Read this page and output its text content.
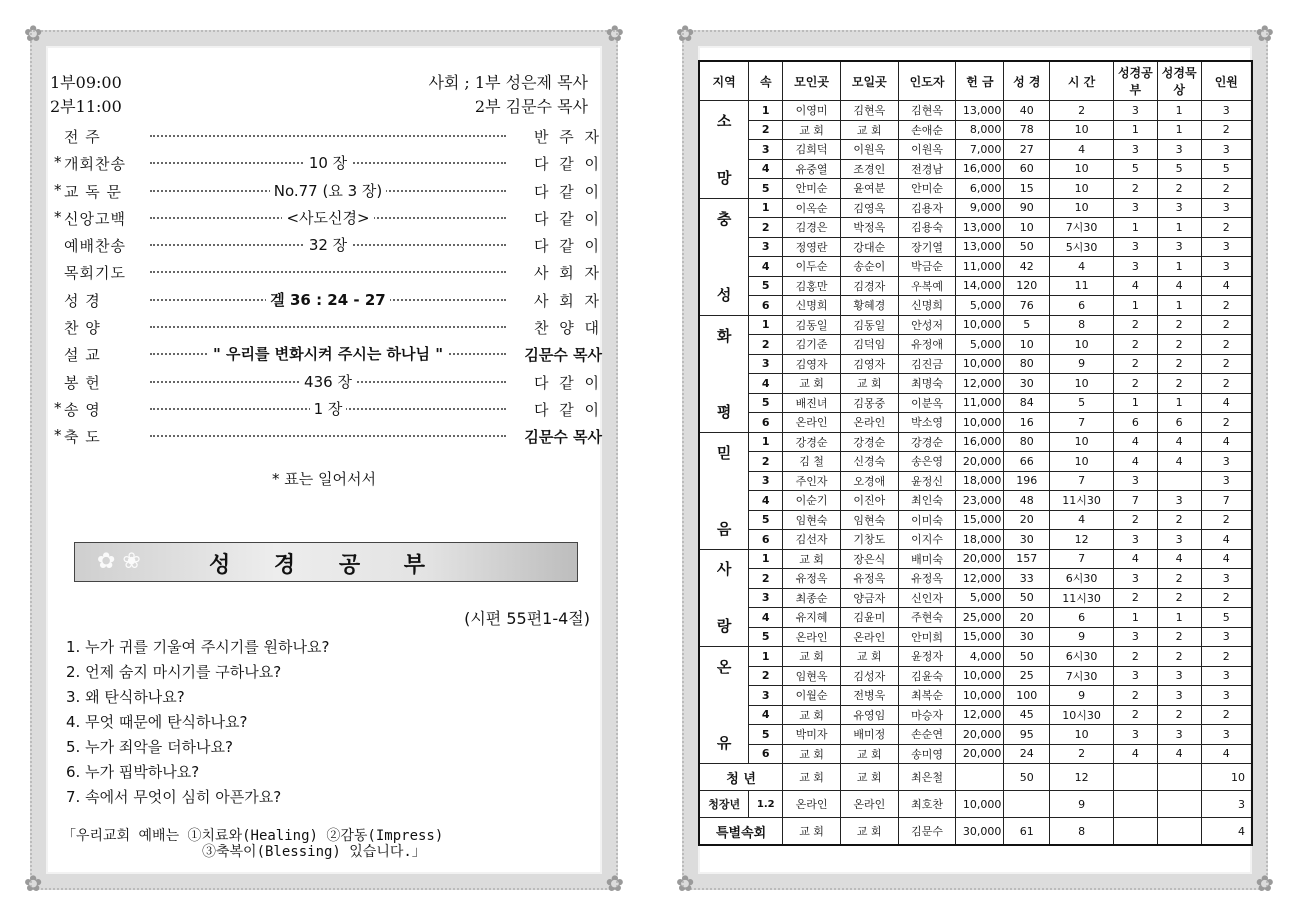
✿	✿
✿	✿
1부09:00
2부11:00
사회 ; 1부 성은제 목사
2부 김문수 목사
전 주	반 주 자
* 개회찬송	10 장	다 같 이
* 교 독 문	No.77 (요 3 장)	다 같 이
* 신앙고백	<사도신경>	다 같 이
예배찬송	32 장	다 같 이
목회기도	사 회 자
성 경	겔 36 : 24 - 27	사 회 자
찬 양	찬 양 대
설 교	" 우리를 변화시켜 주시는 하나님 "	김문수 목사
봉 헌	436 장	다 같 이
* 송 영	1 장	다 같 이
* 축 도	김문수 목사
* 표는 일어서서
✿ ❀	성 경 공 부
(시편 55편1-4절)
1. 누가 귀를 기울여 주시기를 원하나요?
2. 언제 숨지 마시기를 구하나요?
3. 왜 탄식하나요?
4. 무엇 때문에 탄식하나요?
5. 누가 죄악을 더하나요?
6. 누가 핍박하나요?
7. 속에서 무엇이 심히 아픈가요?
「우리교회 예배는 ①치료와(Healing) ②감동(Impress)
③축복이(Blessing) 있습니다.」
✿	✿
✿	✿
지역	속	모인곳	모일곳	인도자	헌 금	성 경	시 간	성경공부	성경묵상	인원

소
망	1	이영미	김현옥	김현옥	13,000	40	2	3	1	3
	2	교 회	교 회	손애순	8,000	78	10	1	1	2
	3	김희덕	이원옥	이원옥	7,000	27	4	3	3	3
	4	유중열	조경인	전경남	16,000	60	10	5	5	5
	5	안미순	윤여분	안미순	6,000	15	10	2	2	2

충
성	1	이옥순	김영옥	김용자	9,000	90	10	3	3	3
	2	김경은	박정옥	김용숙	13,000	10	7시30	1	1	2
	3	정영란	강대순	장기열	13,000	50	5시30	3	3	3
	4	이두순	송순이	박금순	11,000	42	4	3	1	3
	5	김홍만	김경자	우복예	14,000	120	11	4	4	4
	6	신명희	황혜경	신명희	5,000	76	6	1	1	2

화
평	1	김동일	김동일	안성저	10,000	5	8	2	2	2
	2	김기준	김덕임	유정애	5,000	10	10	2	2	2
	3	김영자	김영자	김진금	10,000	80	9	2	2	2
	4	교 회	교 회	최명숙	12,000	30	10	2	2	2
	5	배진녀	김몽중	이분옥	11,000	84	5	1	1	4
	6	온라인	온라인	박소영	10,000	16	7	6	6	2

믿
음	1	강경순	강경순	강경순	16,000	80	10	4	4	4
	2	김 철	신경숙	송은영	20,000	66	10	4	4	3
	3	주인자	오경애	윤정신	18,000	196	7	3		3
	4	이순기	이진아	최인숙	23,000	48	11시30	7	3	7
	5	임현숙	임현숙	이미숙	15,000	20	4	2	2	2
	6	김선자	기창도	이지수	18,000	30	12	3	3	4

사
랑	1	교 회	장은식	배미숙	20,000	157	7	4	4	4
	2	유정옥	유정옥	유정옥	12,000	33	6시30	3	2	3
	3	최종순	양금자	신인자	5,000	50	11시30	2	2	2
	4	유지혜	김윤미	주현숙	25,000	20	6	1	1	5
	5	온라인	온라인	안미희	15,000	30	9	3	2	3

온
유	1	교 회	교 회	윤정자	4,000	50	6시30	2	2	2
	2	임현옥	김성자	김윤숙	10,000	25	7시30	3	3	3
	3	이월순	전병욱	최복순	10,000	100	9	2	3	3
	4	교 회	유영임	마승자	12,000	45	10시30	2	2	2
	5	박미자	배미정	손순연	20,000	95	10	3	3	3
	6	교 회	교 회	송미영	20,000	24	2	4	4	4
청 년		교 회	교 회	최은철		50	12			10
청장년	1.2	온라인	온라인	최호찬	10,000		9			3
특별속회		교 회	교 회	김문수	30,000	61	8			4
